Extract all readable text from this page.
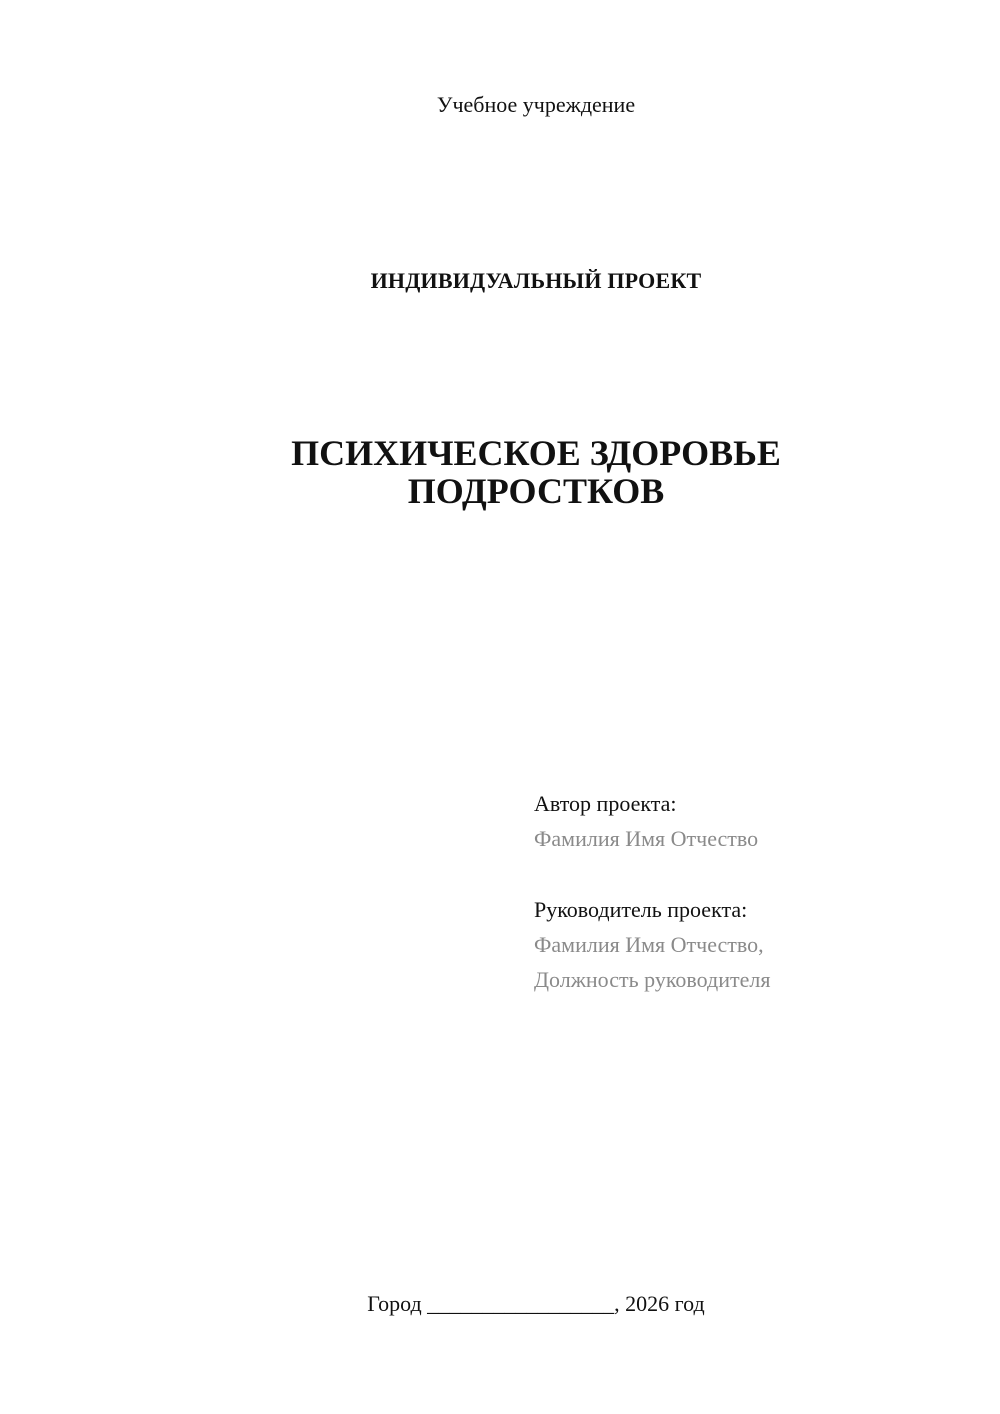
Учебное учреждение
ИНДИВИДУАЛЬНЫЙ ПРОЕКТ
ПСИХИЧЕСКОЕ ЗДОРОВЬЕ
ПОДРОСТКОВ
Автор проекта:
Фамилия Имя Отчество
Руководитель проекта:
Фамилия Имя Отчество,
Должность руководителя
Город _________________, 2026 год
